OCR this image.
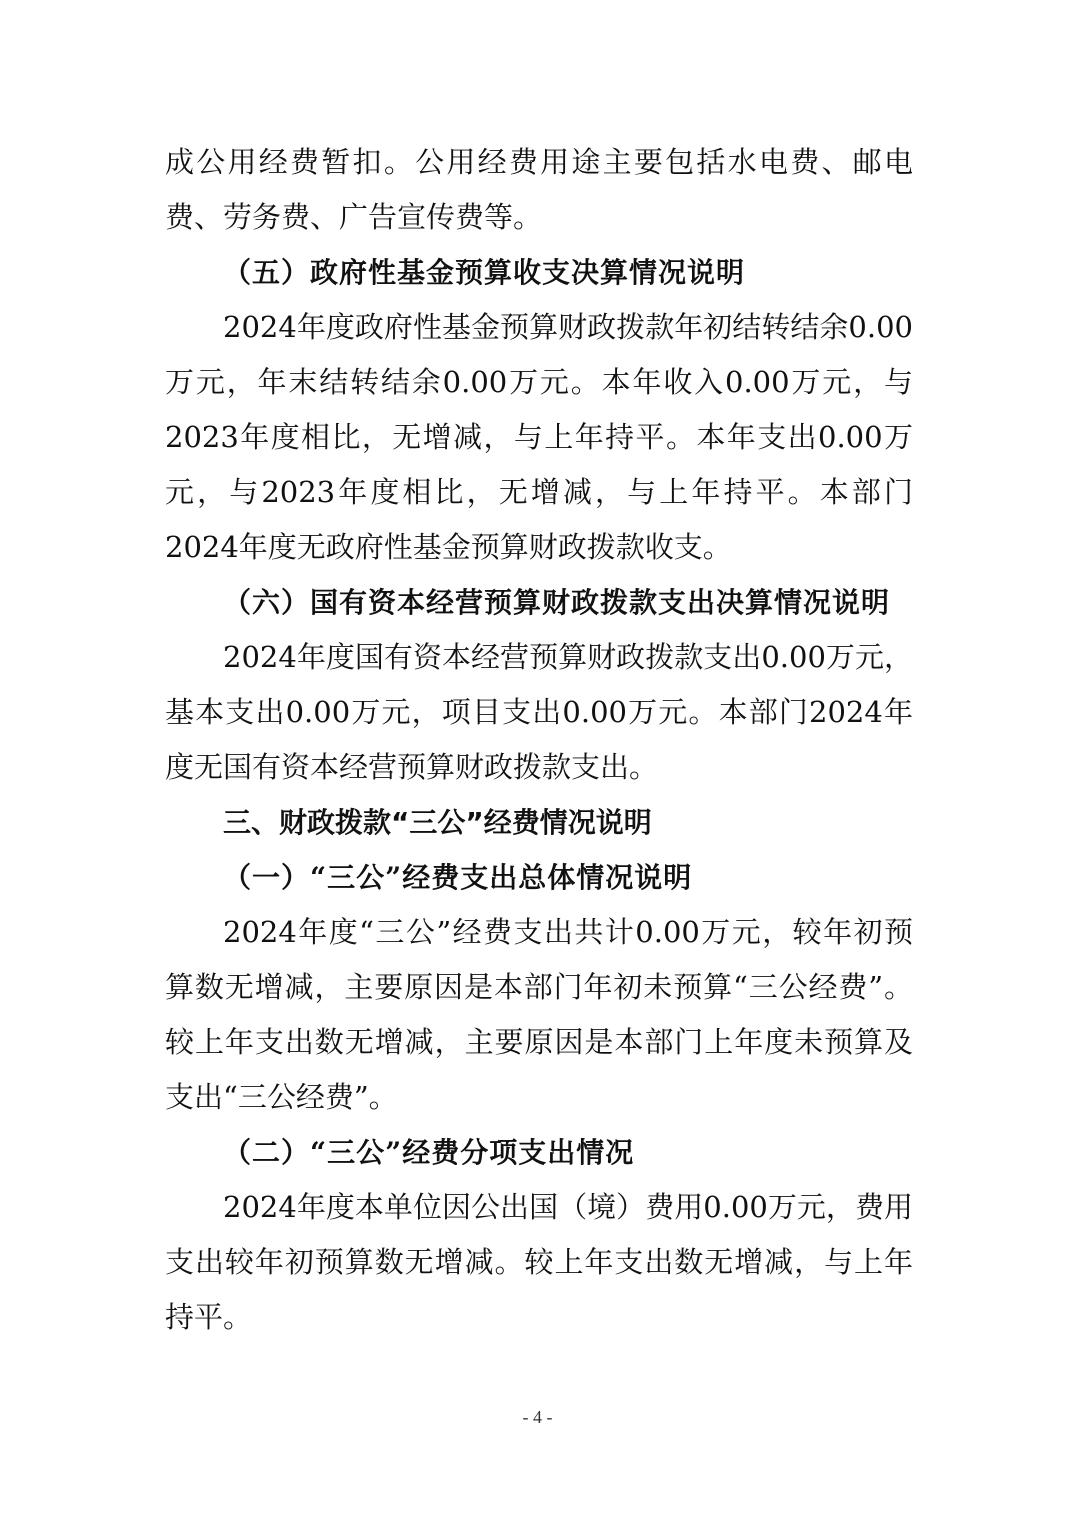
成公用经费暂扣。公用经费用途主要包括水电费、邮电费、劳务费、广告宣传费等。

（五）政府性基金预算收支决算情况说明

2024年度政府性基金预算财政拨款年初结转结余0.00万元，年末结转结余0.00万元。本年收入0.00万元，与2023年度相比，无增减，与上年持平。本年支出0.00万元，与2023年度相比，无增减，与上年持平。本部门2024年度无政府性基金预算财政拨款收支。

（六）国有资本经营预算财政拨款支出决算情况说明

2024年度国有资本经营预算财政拨款支出0.00万元，基本支出0.00万元，项目支出0.00万元。本部门2024年度无国有资本经营预算财政拨款支出。

三、财政拨款“三公”经费情况说明

（一）“三公”经费支出总体情况说明

2024年度“三公”经费支出共计0.00万元，较年初预算数无增减，主要原因是本部门年初未预算“三公经费”。较上年支出数无增减，主要原因是本部门上年度未预算及支出“三公经费”。

（二）“三公”经费分项支出情况

2024年度本单位因公出国（境）费用0.00万元，费用支出较年初预算数无增减。较上年支出数无增减，与上年持平。

- 4 -
